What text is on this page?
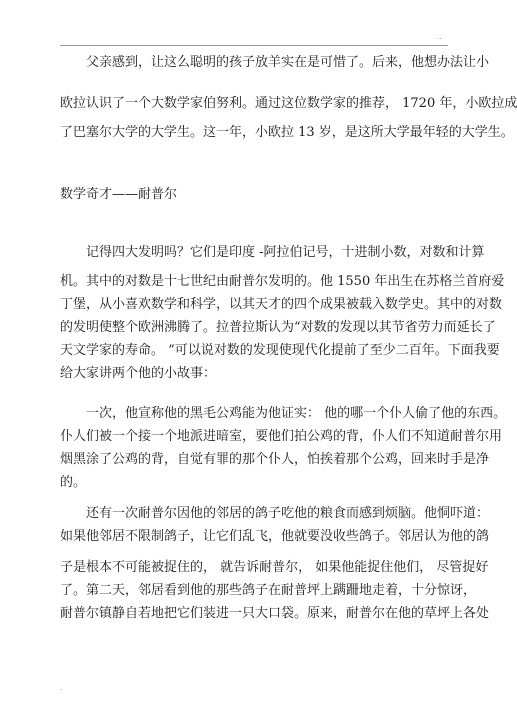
..
父亲感到，让这么聪明的孩子放羊实在是可惜了。后来，他想办法让小
欧拉认识了一个大数学家伯努利。通过这位数学家的推荐， 1720 年，小欧拉成
了巴塞尔大学的大学生。这一年，小欧拉 13 岁，是这所大学最年轻的大学生。
数学奇才——耐普尔
记得四大发明吗？它们是印度 -阿拉伯记号，十进制小数，对数和计算
机。其中的对数是十七世纪由耐普尔发明的。他 1550 年出生在苏格兰首府爱
丁堡，从小喜欢数学和科学，以其天才的四个成果被载入数学史。其中的对数
的发明使整个欧洲沸腾了。拉普拉斯认为“对数的发现以其节省劳力而延长了
天文学家的寿命。 ”可以说对数的发现使现代化提前了至少二百年。下面我要
给大家讲两个他的小故事：
一次，他宣称他的黑毛公鸡能为他证实： 他的哪一个仆人偷了他的东西。
仆人们被一个接一个地派进暗室，要他们拍公鸡的背，仆人们不知道耐普尔用
烟黑涂了公鸡的背，自觉有罪的那个仆人，怕挨着那个公鸡，回来时手是净
的。
还有一次耐普尔因他的邻居的鸽子吃他的粮食而感到烦脑。他恫吓道：
如果他邻居不限制鸽子，让它们乱飞，他就要没收些鸽子。邻居认为他的鸽
子是根本不可能被捉住的， 就告诉耐普尔， 如果他能捉住他们， 尽管捉好
了。第二天，邻居看到他的那些鸽子在耐普坪上蹒跚地走着，十分惊讶，
耐普尔镇静自若地把它们装进一只大口袋。原来，耐普尔在他的草坪上各处
.
